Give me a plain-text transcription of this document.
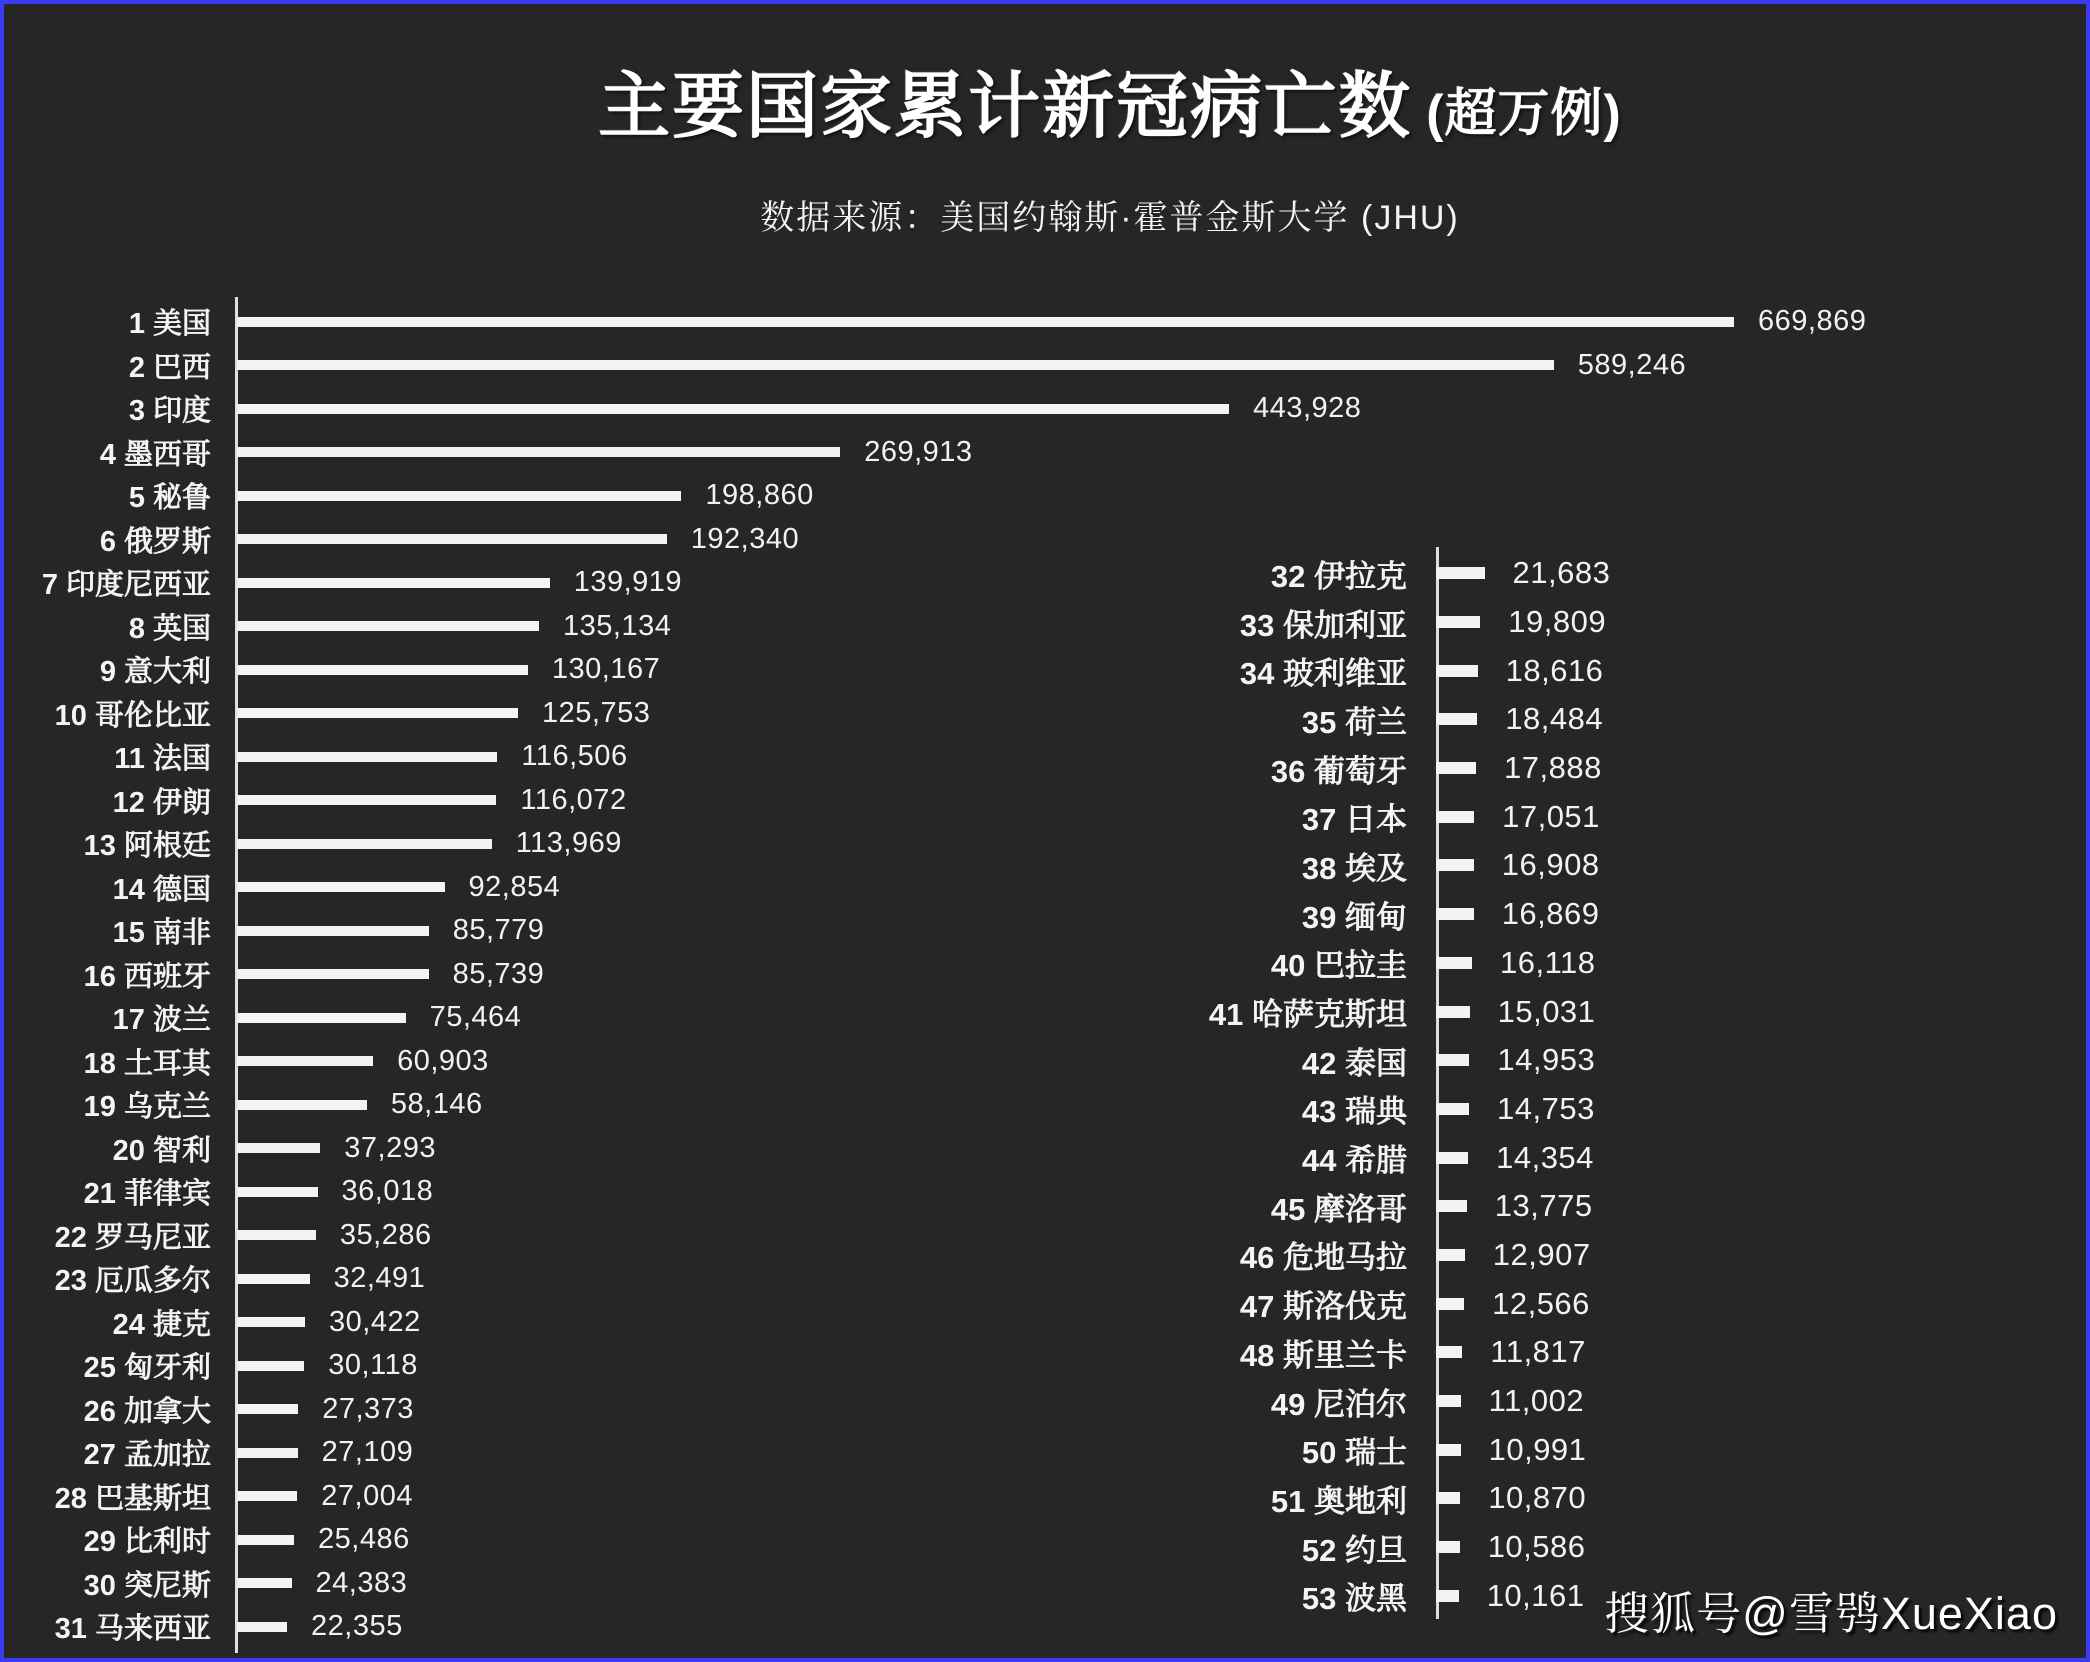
主要国家累计新冠病亡数 (超万例)
数据来源：美国约翰斯·霍普金斯大学 (JHU)
1 美国	669,869
2 巴西	589,246
3 印度	443,928
4 墨西哥	269,913
5 秘鲁	198,860
6 俄罗斯	192,340
7 印度尼西亚	139,919
8 英国	135,134
9 意大利	130,167
10 哥伦比亚	125,753
11 法国	116,506
12 伊朗	116,072
13 阿根廷	113,969
14 德国	92,854
15 南非	85,779
16 西班牙	85,739
17 波兰	75,464
18 土耳其	60,903
19 乌克兰	58,146
20 智利	37,293
21 菲律宾	36,018
22 罗马尼亚	35,286
23 厄瓜多尔	32,491
24 捷克	30,422
25 匈牙利	30,118
26 加拿大	27,373
27 孟加拉	27,109
28 巴基斯坦	27,004
29 比利时	25,486
30 突尼斯	24,383
31 马来西亚	22,355
32 伊拉克	21,683
33 保加利亚	19,809
34 玻利维亚	18,616
35 荷兰	18,484
36 葡萄牙	17,888
37 日本	17,051
38 埃及	16,908
39 缅甸	16,869
40 巴拉圭	16,118
41 哈萨克斯坦	15,031
42 泰国	14,953
43 瑞典	14,753
44 希腊	14,354
45 摩洛哥	13,775
46 危地马拉	12,907
47 斯洛伐克	12,566
48 斯里兰卡	11,817
49 尼泊尔	11,002
50 瑞士	10,991
51 奥地利	10,870
52 约旦	10,586
53 波黑	10,161 搜狐号@雪鸮XueXiao
